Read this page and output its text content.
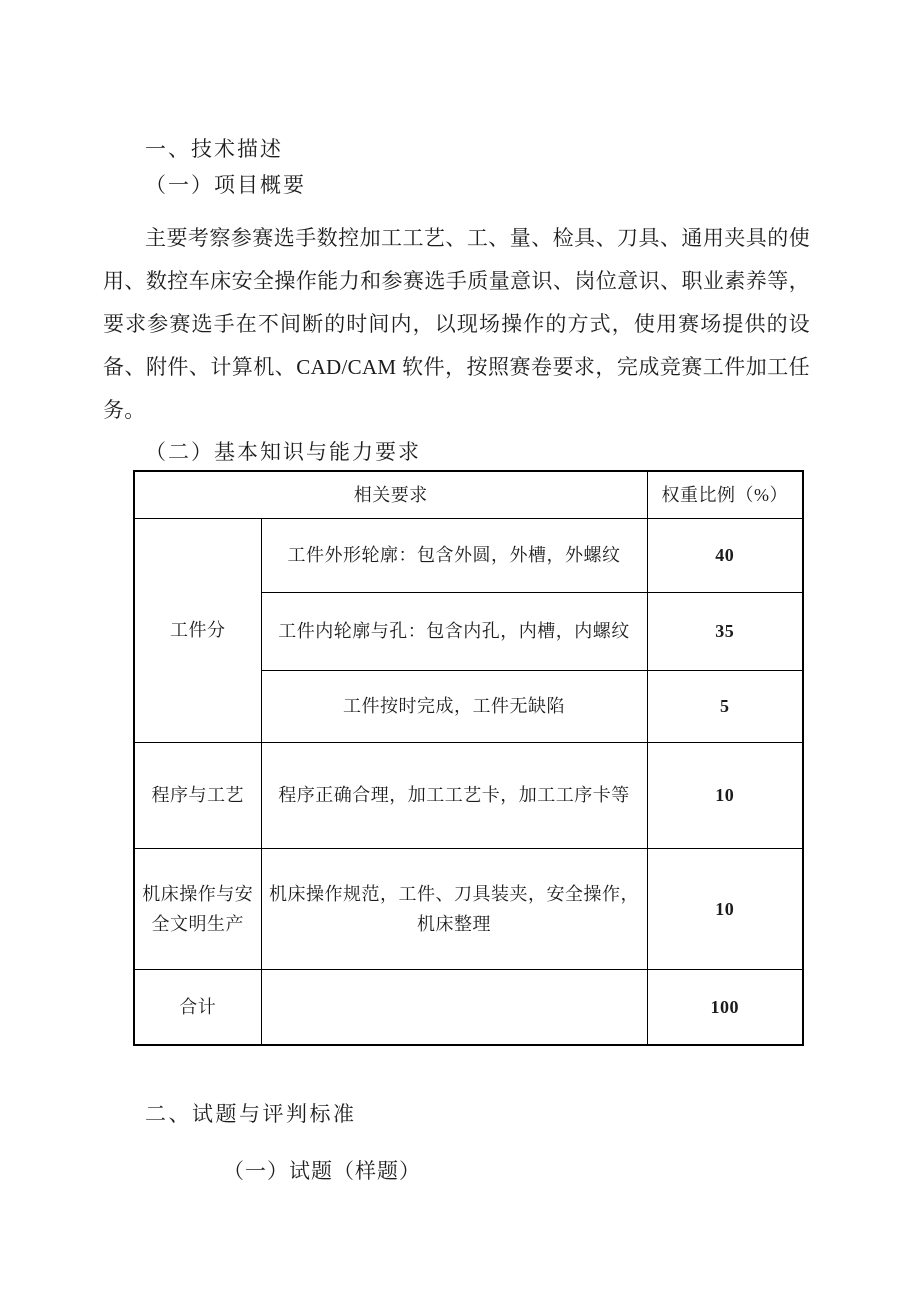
一、技术描述
（一）项目概要

主要考察参赛选手数控加工工艺、工、量、检具、刀具、通用夹具的使用、数控车床安全操作能力和参赛选手质量意识、岗位意识、职业素养等，要求参赛选手在不间断的时间内，以现场操作的方式，使用赛场提供的设备、附件、计算机、CAD/CAM 软件，按照赛卷要求，完成竞赛工件加工任务。

（二）基本知识与能力要求
相关要求		权重比例（%）
工件分	工件外形轮廓：包含外圆，外槽，外螺纹	40
	工件内轮廓与孔：包含内孔，内槽，内螺纹	35
	工件按时完成，工件无缺陷	5
程序与工艺	程序正确合理，加工工艺卡，加工工序卡等	10
机床操作与安全文明生产	机床操作规范，工件、刀具装夹，安全操作，机床整理	10
合计		100
二、试题与评判标准
（一）试题（样题）
